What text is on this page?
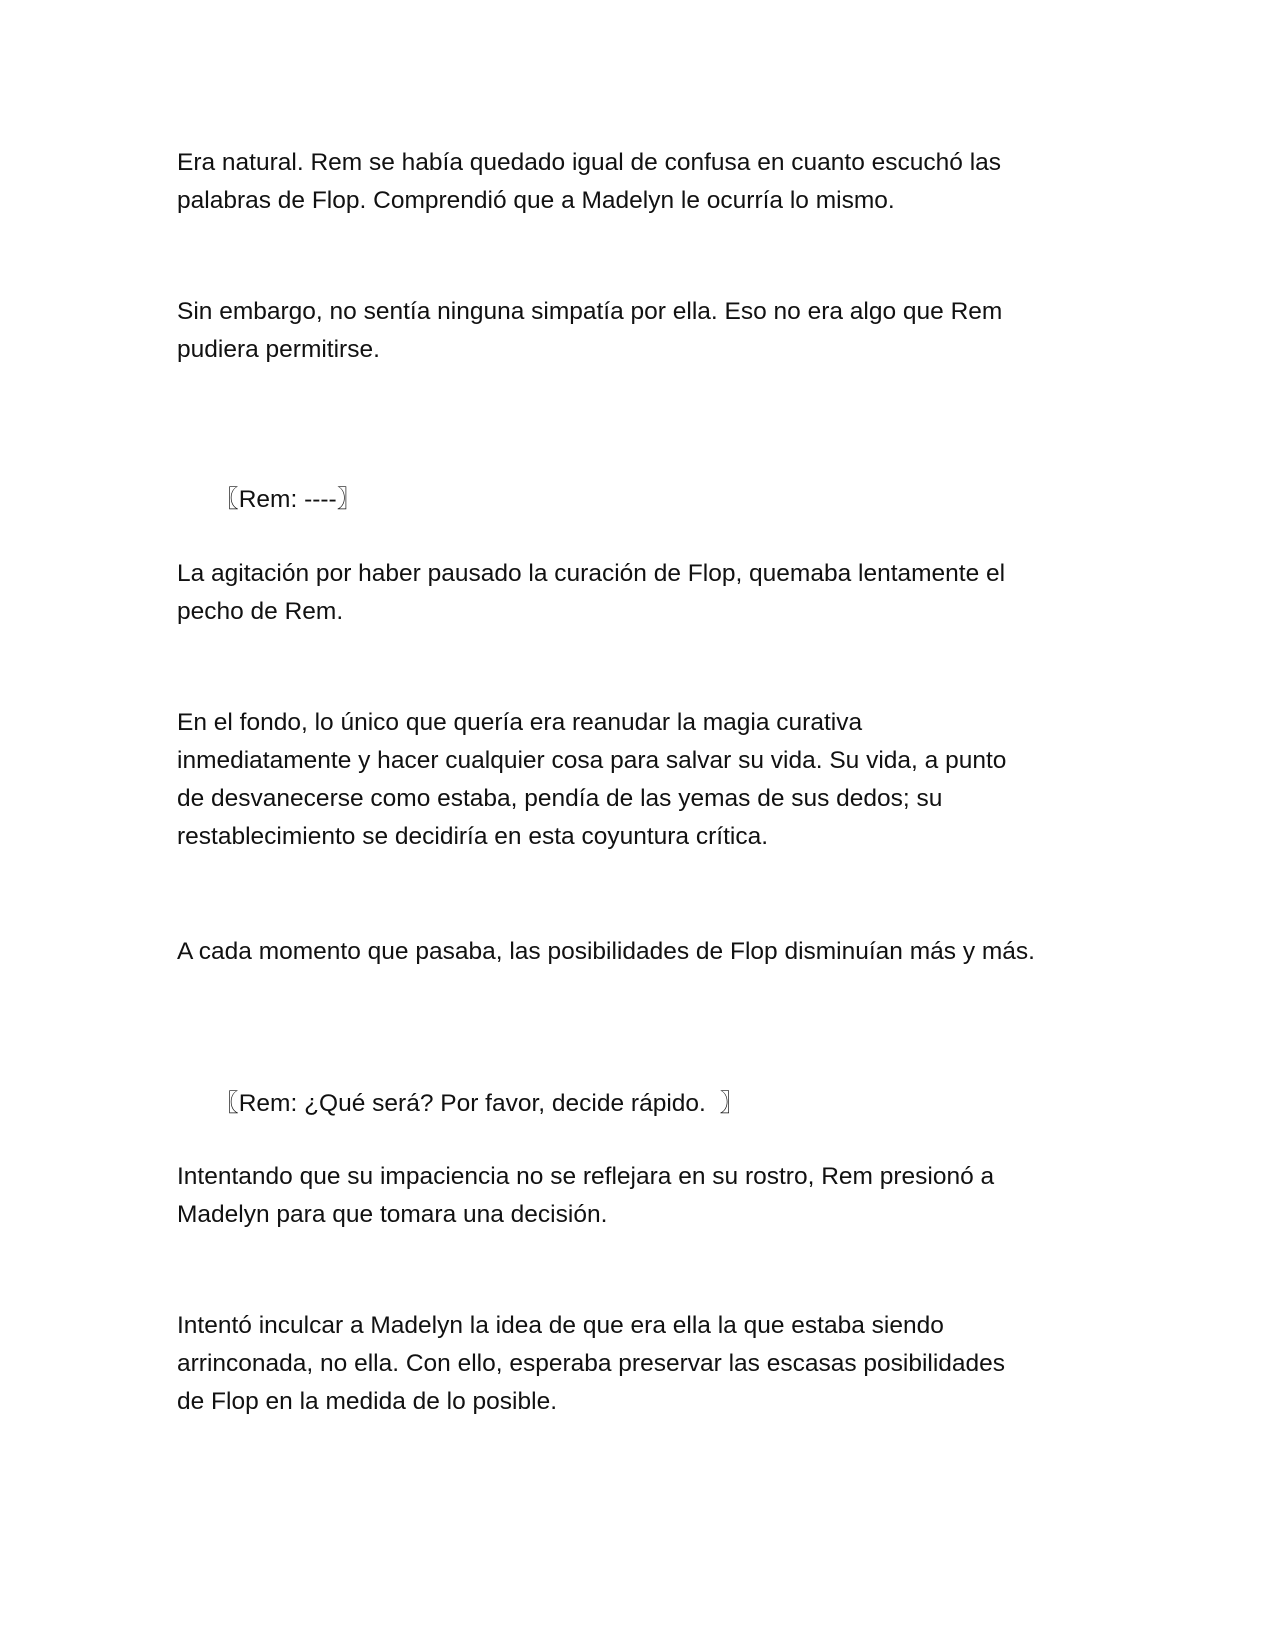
Era natural. Rem se había quedado igual de confusa en cuanto escuchó las
palabras de Flop. Comprendió que a Madelyn le ocurría lo mismo.

Sin embargo, no sentía ninguna simpatía por ella. Eso no era algo que Rem
pudiera permitirse.

〖Rem: ----〗

La agitación por haber pausado la curación de Flop, quemaba lentamente el
pecho de Rem.

En el fondo, lo único que quería era reanudar la magia curativa
inmediatamente y hacer cualquier cosa para salvar su vida. Su vida, a punto
de desvanecerse como estaba, pendía de las yemas de sus dedos; su
restablecimiento se decidiría en esta coyuntura crítica.

A cada momento que pasaba, las posibilidades de Flop disminuían más y más.

〖Rem: ¿Qué será? Por favor, decide rápido.  〗

Intentando que su impaciencia no se reflejara en su rostro, Rem presionó a
Madelyn para que tomara una decisión.

Intentó inculcar a Madelyn la idea de que era ella la que estaba siendo
arrinconada, no ella. Con ello, esperaba preservar las escasas posibilidades
de Flop en la medida de lo posible.
